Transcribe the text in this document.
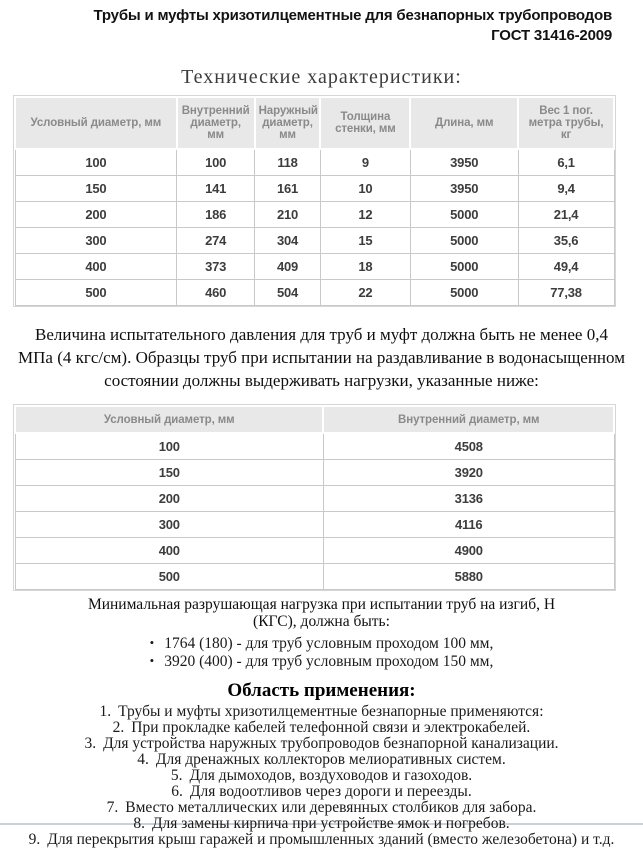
Трубы и муфты хризотилцементные для безнапорных трубопроводов
ГОСТ 31416-2009
Технические характеристики:
Условный диаметр, мм	Внутренний диаметр, мм	Наружный диаметр, мм	Толщина стенки, мм	Длина, мм	Вес 1 пог. метра трубы, кг
100	100	118	9	3950	6,1
150	141	161	10	3950	9,4
200	186	210	12	5000	21,4
300	274	304	15	5000	35,6
400	373	409	18	5000	49,4
500	460	504	22	5000	77,38

Величина испытательного давления для труб и муфт должна быть не менее 0,4 МПа (4 кгс/см). Образцы труб при испытании на раздавливание в водонасыщенном состоянии должны выдерживать нагрузки, указанные ниже:

Условный диаметр, мм	Внутренний диаметр, мм
100	4508
150	3920
200	3136
300	4116
400	4900
500	5880

Минимальная разрушающая нагрузка при испытании труб на изгиб, Н (КГС), должна быть:

• 1764 (180) - для труб условным проходом 100 мм,

• 3920 (400) - для труб условным проходом 150 мм,

Область применения:

1. Трубы и муфты хризотилцементные безнапорные применяются:

2. При прокладке кабелей телефонной связи и электрокабелей.

3. Для устройства наружных трубопроводов безнапорной канализации.

4. Для дренажных коллекторов мелиоративных систем.

5. Для дымоходов, воздуховодов и газоходов.

6. Для водоотливов через дороги и переезды.

7. Вместо металлических или деревянных столбиков для забора.

8. Для замены кирпича при устройстве ямок и погребов.

9. Для перекрытия крыш гаражей и промышленных зданий (вместо железобетона) и т.д.
